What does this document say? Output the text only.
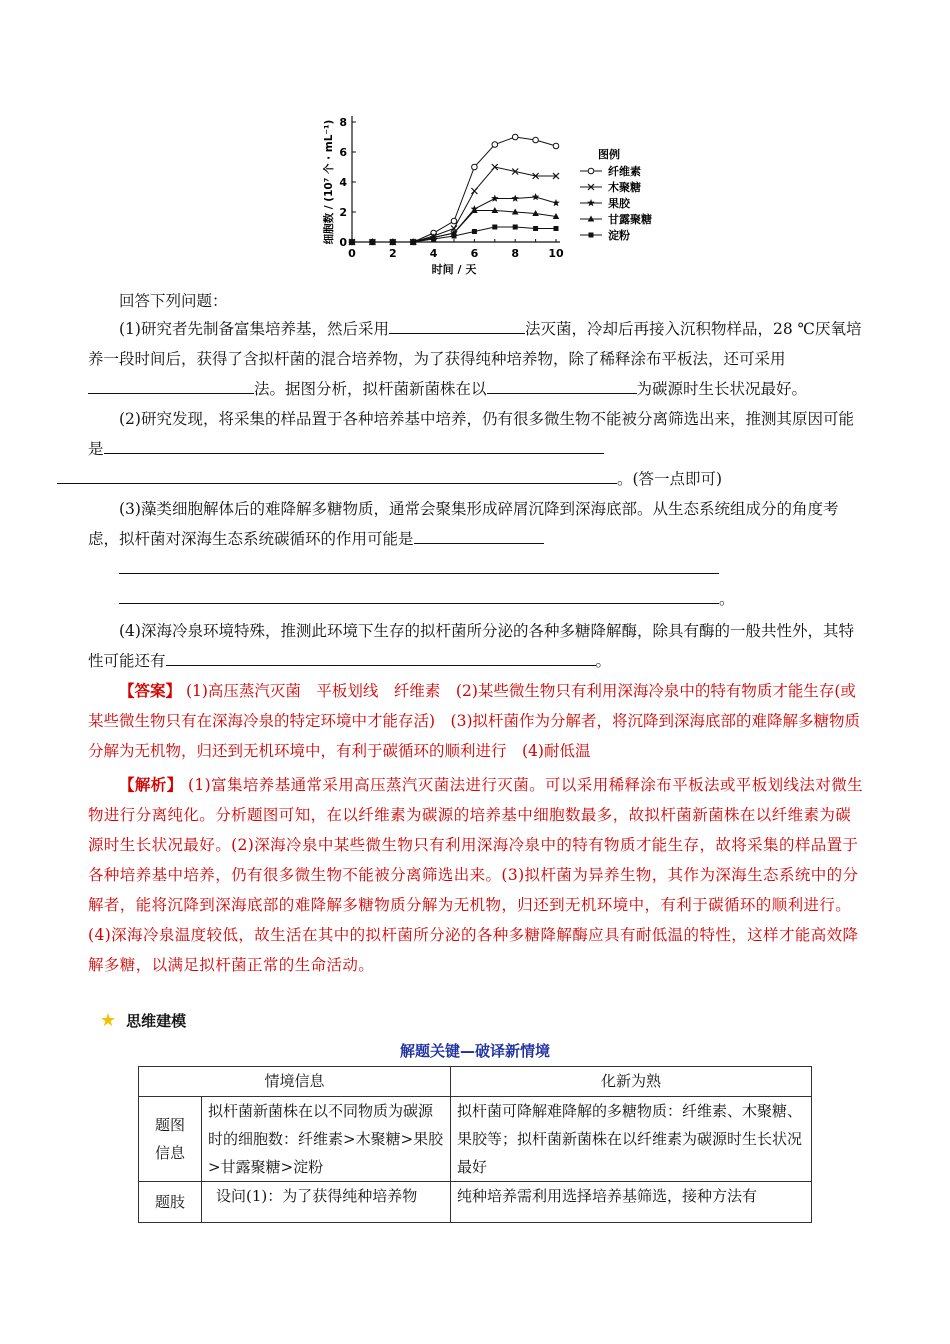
0
2
4
6
8
0	2	4	6	8	10
时间 / 天
细胞数 / (10⁷ 个 · mL⁻¹)	图例
纤维素
木聚糖
果胶
甘露聚糖
淀粉
回答下列问题：
(1)研究者先制备富集培养基，然后采用	法灭菌，冷却后再接入沉积物样品，28 ℃厌氧培养一段时间后，获得了含拟杆菌的混合培养物，为了获得纯种培养物，除了稀释涂布平板法，还可采用法。据图分析，拟杆菌新菌株在以	为碳源时生长状况最好。
(2)研究发现，将采集的样品置于各种培养基中培养，仍有很多微生物不能被分离筛选出来，推测其原因可能是
。(答一点即可)
(3)藻类细胞解体后的难降解多糖物质，通常会聚集形成碎屑沉降到深海底部。从生态系统组成分的角度考虑，拟杆菌对深海生态系统碳循环的作用可能是

。
(4)深海冷泉环境特殊，推测此环境下生存的拟杆菌所分泌的各种多糖降解酶，除具有酶的一般共性外，其特性可能还有	。
【答案】 (1)高压蒸汽灭菌　平板划线　纤维素　(2)某些微生物只有利用深海冷泉中的特有物质才能生存(或某些微生物只有在深海冷泉的特定环境中才能存活)　(3)拟杆菌作为分解者，将沉降到深海底部的难降解多糖物质分解为无机物，归还到无机环境中，有利于碳循环的顺利进行　(4)耐低温
【解析】 (1)富集培养基通常采用高压蒸汽灭菌法进行灭菌。可以采用稀释涂布平板法或平板划线法对微生物进行分离纯化。分析题图可知，在以纤维素为碳源的培养基中细胞数最多，故拟杆菌新菌株在以纤维素为碳源时生长状况最好。(2)深海冷泉中某些微生物只有利用深海冷泉中的特有物质才能生存，故将采集的样品置于各种培养基中培养，仍有很多微生物不能被分离筛选出来。(3)拟杆菌为异养生物，其作为深海生态系统中的分解者，能将沉降到深海底部的难降解多糖物质分解为无机物，归还到无机环境中，有利于碳循环的顺利进行。(4)深海冷泉温度较低，故生活在其中的拟杆菌所分泌的各种多糖降解酶应具有耐低温的特性，这样才能高效降解多糖，以满足拟杆菌正常的生命活动。
★ 思维建模
解题关键—破译新情境
情境信息		化新为熟
题图信息	拟杆菌新菌株在以不同物质为碳源时的细胞数：纤维素>木聚糖>果胶>甘露聚糖>淀粉	拟杆菌可降解难降解的多糖物质：纤维素、木聚糖、果胶等；拟杆菌新菌株在以纤维素为碳源时生长状况最好
题肢	设问(1)：为了获得纯种培养物	纯种培养需利用选择培养基筛选，接种方法有
